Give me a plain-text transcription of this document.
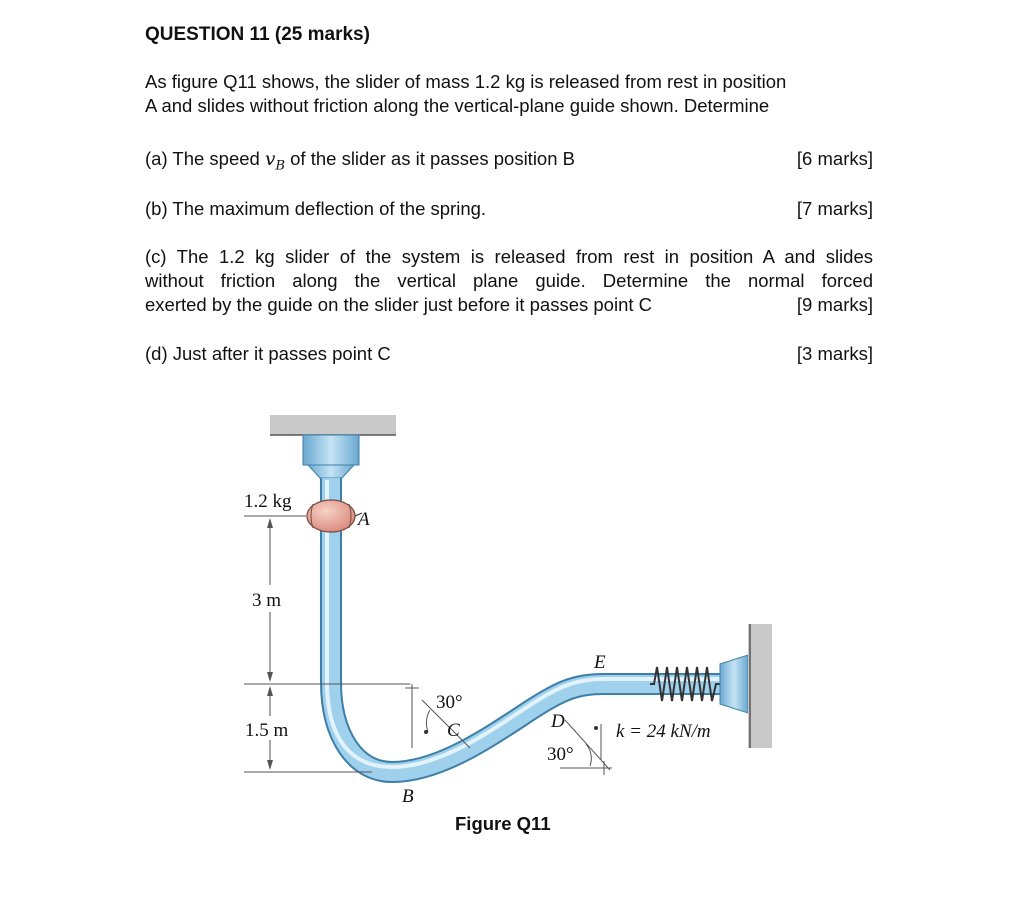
QUESTION 11 (25 marks)
As figure Q11 shows, the slider of mass 1.2 kg is released from rest in position
A and slides without friction along the vertical-plane guide shown. Determine
(a) The speed $v_B$ of the slider as it passes position B	[6 marks]
(b) The maximum deflection of the spring.	[7 marks]
(c) The 1.2 kg slider of the system is released from rest in position A and slides
without friction along the vertical plane guide. Determine the normal forced
exerted by the guide on the slider just before it passes point C	[9 marks]
(d) Just after it passes point C	[3 marks]
1.2 kg
A
3 m
1.5 m
B
30°
C	D
30°
E
k = 24 kN/m
Figure Q11
